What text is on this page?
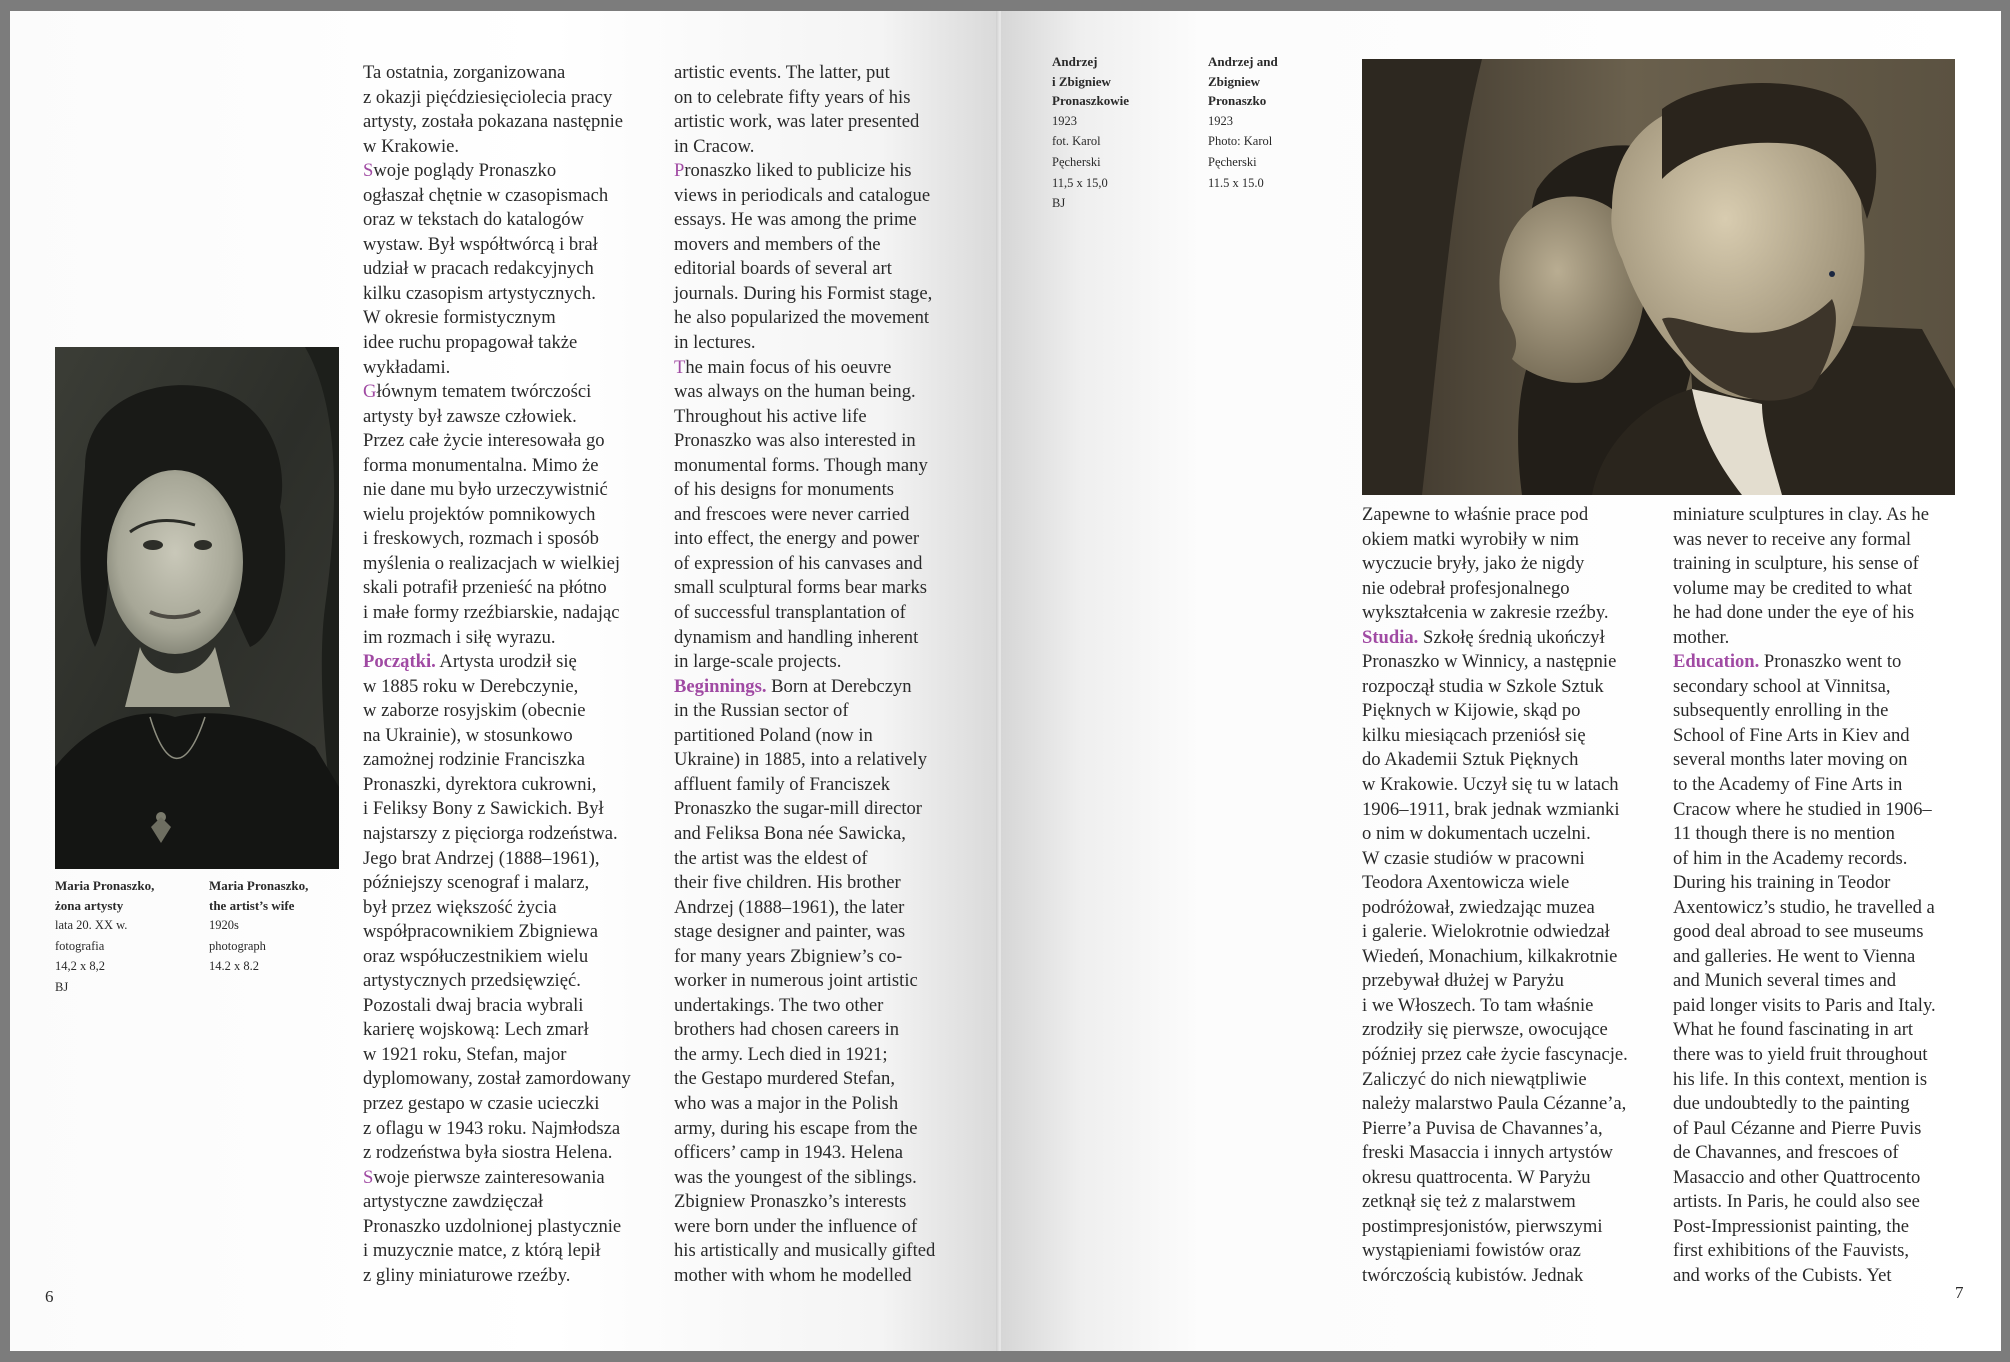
Maria Pronaszko,
żona artysty
lata 20. XX w.
fotografia
14,2 x 8,2
BJ

Maria Pronaszko,
the artist’s wife
1920s
photograph
14.2 x 8.2

Ta ostatnia, zorganizowana
z okazji pięćdziesięciolecia pracy
artysty, została pokazana następnie
w Krakowie.
Swoje poglądy Pronaszko
ogłaszał chętnie w czasopismach
oraz w tekstach do katalogów
wystaw. Był współtwórcą i brał
udział w pracach redakcyjnych
kilku czasopism artystycznych.
W okresie formistycznym
idee ruchu propagował także
wykładami.
Głównym tematem twórczości
artysty był zawsze człowiek.
Przez całe życie interesowała go
forma monumentalna. Mimo że
nie dane mu było urzeczywistnić
wielu projektów pomnikowych
i freskowych, rozmach i sposób
myślenia o realizacjach w wielkiej
skali potrafił przenieść na płótno
i małe formy rzeźbiarskie, nadając
im rozmach i siłę wyrazu.
Początki. Artysta urodził się
w 1885 roku w Derebczynie,
w zaborze rosyjskim (obecnie
na Ukrainie), w stosunkowo
zamożnej rodzinie Franciszka
Pronaszki, dyrektora cukrowni,
i Feliksy Bony z Sawickich. Był
najstarszy z pięciorga rodzeństwa.
Jego brat Andrzej (1888–1961),
późniejszy scenograf i malarz,
był przez większość życia
współpracownikiem Zbigniewa
oraz współuczestnikiem wielu
artystycznych przedsięwzięć.
Pozostali dwaj bracia wybrali
karierę wojskową: Lech zmarł
w 1921 roku, Stefan, major
dyplomowany, został zamordowany
przez gestapo w czasie ucieczki
z oflagu w 1943 roku. Najmłodsza
z rodzeństwa była siostra Helena.
Swoje pierwsze zainteresowania
artystyczne zawdzięczał
Pronaszko uzdolnionej plastycznie
i muzycznie matce, z którą lepił
z gliny miniaturowe rzeźby.
artistic events. The latter, put
on to celebrate fifty years of his
artistic work, was later presented
in Cracow.
Pronaszko liked to publicize his
views in periodicals and catalogue
essays. He was among the prime
movers and members of the
editorial boards of several art
journals. During his Formist stage,
he also popularized the movement
in lectures.
The main focus of his oeuvre
was always on the human being.
Throughout his active life
Pronaszko was also interested in
monumental forms. Though many
of his designs for monuments
and frescoes were never carried
into effect, the energy and power
of expression of his canvases and
small sculptural forms bear marks
of successful transplantation of
dynamism and handling inherent
in large-scale projects.
Beginnings. Born at Derebczyn
in the Russian sector of
partitioned Poland (now in
Ukraine) in 1885, into a relatively
affluent family of Franciszek
Pronaszko the sugar-mill director
and Feliksa Bona née Sawicka,
the artist was the eldest of
their five children. His brother
Andrzej (1888–1961), the later
stage designer and painter, was
for many years Zbigniew’s co-
worker in numerous joint artistic
undertakings. The two other
brothers had chosen careers in
the army. Lech died in 1921;
the Gestapo murdered Stefan,
who was a major in the Polish
army, during his escape from the
officers’ camp in 1943. Helena
was the youngest of the siblings.
Zbigniew Pronaszko’s interests
were born under the influence of
his artistically and musically gifted
mother with whom he modelled

6

Andrzej
i Zbigniew
Pronaszkowie
1923
fot. Karol
Pęcherski
11,5 x 15,0
BJ

Andrzej and
Zbigniew
Pronaszko
1923
Photo: Karol
Pęcherski
11.5 x 15.0

Zapewne to właśnie prace pod
okiem matki wyrobiły w nim
wyczucie bryły, jako że nigdy
nie odebrał profesjonalnego
wykształcenia w zakresie rzeźby.
Studia. Szkołę średnią ukończył
Pronaszko w Winnicy, a następnie
rozpoczął studia w Szkole Sztuk
Pięknych w Kijowie, skąd po
kilku miesiącach przeniósł się
do Akademii Sztuk Pięknych
w Krakowie. Uczył się tu w latach
1906–1911, brak jednak wzmianki
o nim w dokumentach uczelni.
W czasie studiów w pracowni
Teodora Axentowicza wiele
podróżował, zwiedzając muzea
i galerie. Wielokrotnie odwiedzał
Wiedeń, Monachium, kilkakrotnie
przebywał dłużej w Paryżu
i we Włoszech. To tam właśnie
zrodziły się pierwsze, owocujące
później przez całe życie fascynacje.
Zaliczyć do nich niewątpliwie
należy malarstwo Paula Cézanne’a,
Pierre’a Puvisa de Chavannes’a,
freski Masaccia i innych artystów
okresu quattrocenta. W Paryżu
zetknął się też z malarstwem
postimpresjonistów, pierwszymi
wystąpieniami fowistów oraz
twórczością kubistów. Jednak
miniature sculptures in clay. As he
was never to receive any formal
training in sculpture, his sense of
volume may be credited to what
he had done under the eye of his
mother.
Education. Pronaszko went to
secondary school at Vinnitsa,
subsequently enrolling in the
School of Fine Arts in Kiev and
several months later moving on
to the Academy of Fine Arts in
Cracow where he studied in 1906–
11 though there is no mention
of him in the Academy records.
During his training in Teodor
Axentowicz’s studio, he travelled a
good deal abroad to see museums
and galleries. He went to Vienna
and Munich several times and
paid longer visits to Paris and Italy.
What he found fascinating in art
there was to yield fruit throughout
his life. In this context, mention is
due undoubtedly to the painting
of Paul Cézanne and Pierre Puvis
de Chavannes, and frescoes of
Masaccio and other Quattrocento
artists. In Paris, he could also see
Post-Impressionist painting, the
first exhibitions of the Fauvists,
and works of the Cubists. Yet

7
